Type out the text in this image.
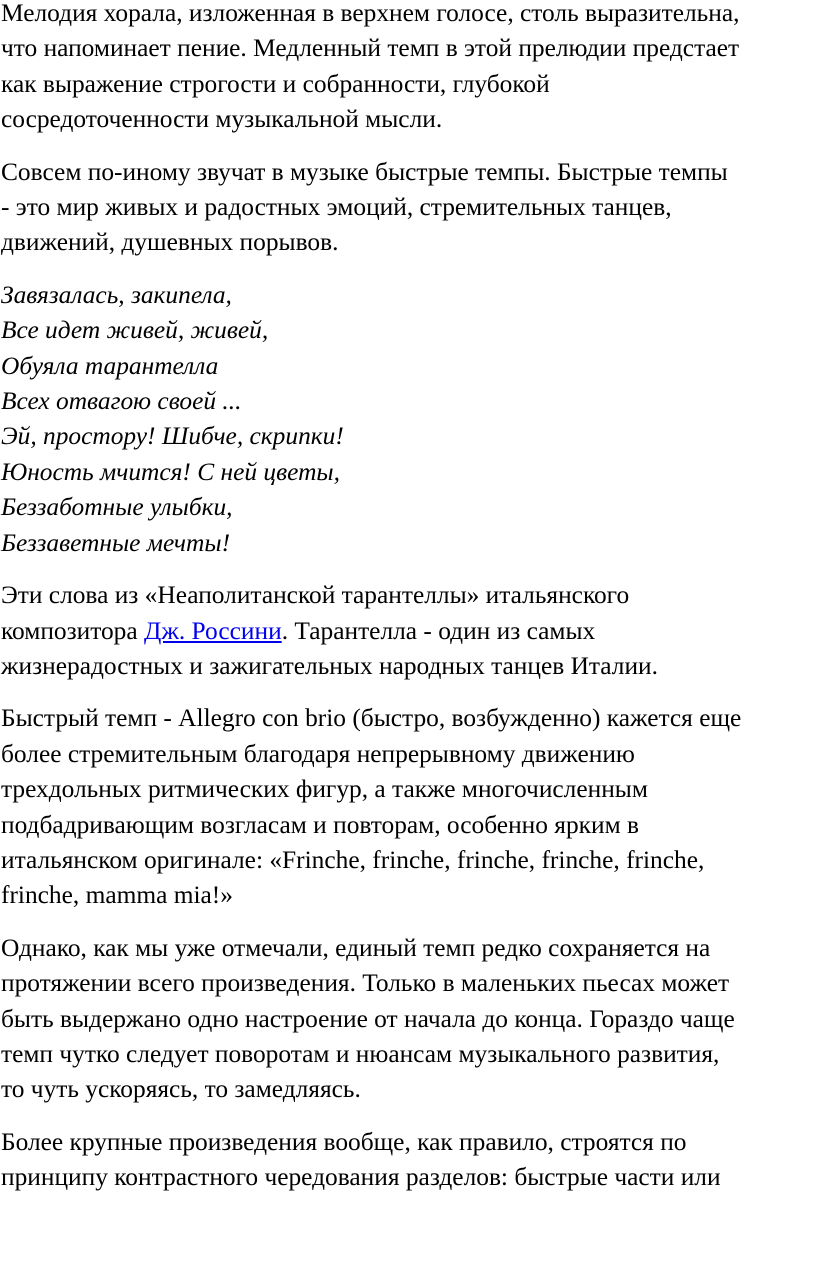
Мелодия хорала, изложенная в верхнем голосе, столь выразительна,
что напоминает пение. Медленный темп в этой прелюдии предстает
как выражение строгости и собранности, глубокой
сосредоточенности музыкальной мысли.

Совсем по-иному звучат в музыке быстрые темпы. Быстрые темпы
- это мир живых и радостных эмоций, стремительных танцев,
движений, душевных порывов.

Завязалась, закипела,
Все идет живей, живей,
Обуяла тарантелла
Всех отвагою своей ...
Эй, простору! Шибче, скрипки!
Юность мчится! С ней цветы,
Беззаботные улыбки,
Беззаветные мечты!

Эти слова из «Неаполитанской тарантеллы» итальянского
композитора Дж. Россини. Тарантелла - один из самых
жизнерадостных и зажигательных народных танцев Италии.

Быстрый темп - Allegro con brio (быстро, возбужденно) кажется еще
более стремительным благодаря непрерывному движению
трехдольных ритмических фигур, а также многочисленным
подбадривающим возгласам и повторам, особенно ярким в
итальянском оригинале: «Frinche, frinche, frinche, frinche, frinche,
frinche, mamma mia!»

Однако, как мы уже отмечали, единый темп редко сохраняется на
протяжении всего произведения. Только в маленьких пьесах может
быть выдержано одно настроение от начала до конца. Гораздо чаще
темп чутко следует поворотам и нюансам музыкального развития,
то чуть ускоряясь, то замедляясь.

Более крупные произведения вообще, как правило, строятся по
принципу контрастного чередования разделов: быстрые части или
